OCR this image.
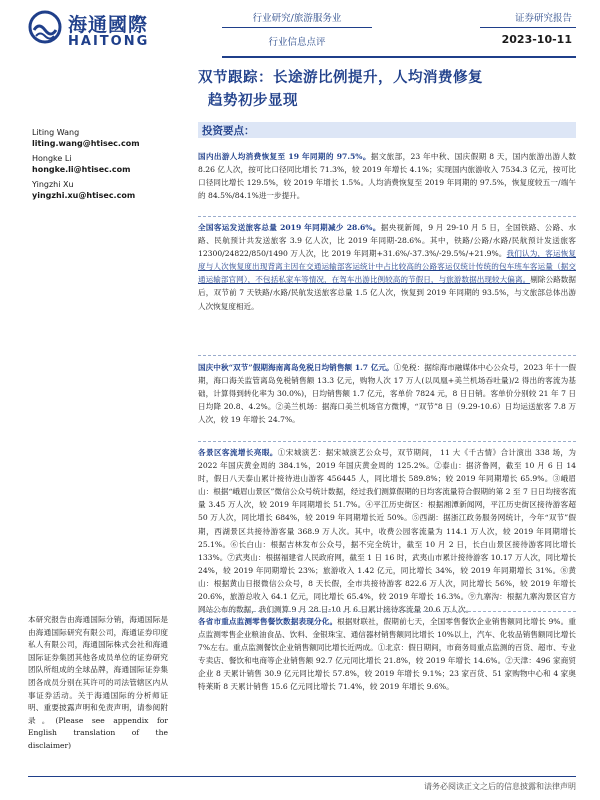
海通國際
HAITONG
行业研究/旅游服务业
行业信息点评
证券研究报告
2023-10-11
双节跟踪：长途游比例提升，人均消费修复
趋势初步显现
Liting Wang
liting.wang@htisec.com
Hongke Li
hongke.li@htisec.com
Yingzhi Xu
yingzhi.xu@htisec.com
投资要点：
国内出游人均消费恢复至 19 年同期的 97.5%。据文旅部，23 年中秋、国庆假期 8 天，国内旅游出游人数 8.26 亿人次，按可比口径同比增长 71.3%，较 2019 年增长 4.1%；实现国内旅游收入 7534.3 亿元，按可比口径同比增长 129.5%，较 2019 年增长 1.5%。人均消费恢复至 2019 年同期的 97.5%，恢复度较五一/端午的 84.5%/84.1%进一步提升。
全国客运发送旅客总量 2019 年同期减少 28.6%。据央视新闻，9 月 29-10 月 5 日，全国铁路、公路、水路、民航预计共发送旅客 3.9 亿人次，比 2019 年同期-28.6%。其中，铁路/公路/水路/民航预计发送旅客 12300/24822/850/1490 万人次，比 2019 年同期+31.6%/-37.3%/-29.5%/+21.9%。我们认为，客运恢复度与人次恢复度出现背离主因在交通运输部客运统计中占比较高的公路客运仅统计传统的包车班车客运量（据交通运输部官网），不包括私家车等情况，在驾车出游比例较高的节假日，与旅游数据出现较大偏离。剔除公路数据后，双节前 7 天铁路/水路/民航发送旅客总量 1.5 亿人次，恢复到 2019 年同期的 93.5%，与文旅部总体出游人次恢复度相近。
国庆中秋“双节”假期海南离岛免税日均销售额 1.7 亿元。①免税：据综海市融媒体中心公众号，2023 年十一假期，海口海关监管离岛免税销售额 13.3 亿元，购物人次 17 万人(以凤凰+美兰机场吞吐量)/2 得出的客流为基础，计算得到转化率为 30.0%)，日均销售额 1.7 亿元，客单价 7824 元，8 日日销。客单价分别较 21 年 7 日日均降 20.8、4.2%。②美兰机场：据海口美兰机场官方微博，“双节”8 日（9.29-10.6）日均运送旅客 7.8 万人次，较 19 年增长 24.7%。
各景区客流增长亮眼。①宋城演艺：据宋城演艺公众号，双节期间， 11 大《千古情》合计演出 338 场，为 2022 年国庆黄金周的 384.1%，2019 年国庆黄金周的 125.2%。②泰山：据济鲁网，截至 10 月 6 日 14 时，假日八天泰山累计接待进山游客 456445 人，同比增长 589.8%；较 2019 年同期增长 65.9%。③峨眉山：根据“峨眉山景区”微信公众号统计数据，经过我们测算假期的日均客流量符合假期的第 2 至 7 日日均接客流量 3.45 万人次，较 2019 年同期增长 51.7%。④平江历史街区：根据湘潭新闻网，平江历史街区接待游客超 50 万人次，同比增长 684%，较 2019 年同期增长近 50%。⑤西湖：据浙江政务服务网统计，今年“双节”假期，西湖景区共接待游客量 368.9 万人次。其中，收费公园客流量为 114.1 万人次，较 2019 年同期增长 25.1%。⑥长白山：根据吉林发布公众号，据不完全统计，截至 10 月 2 日，长白山景区接待游客同比增长 133%。⑦武夷山：根据福建省人民政府网，截至 1 日 16 时，武夷山市累计接待游客 10.17 万人次，同比增长 24%，较 2019 年同期增长 23%；旅游收入 1.42 亿元，同比增长 34%，较 2019 年同期增长 31%。⑧黄山：根据黄山日报微信公众号，8 天长假，全市共接待游客 822.6 万人次，同比增长 56%，较 2019 年增长 20.6%，旅游总收入 64.1 亿元，同比增长 65.4%，较 2019 年增长 16.3%。⑨九寨沟：根据九寨沟景区官方网站公布的数据，我们测算 9 月 28 日-10 月 6 日累计接待客流量 20.6 万人次。
各省市重点监测零售餐饮数据表现分化。根据财联社，假期前七天，全国零售餐饮企业销售额同比增长 9%。重点监测零售企业粮油食品、饮料、金银珠宝、通信器材销售额同比增长 10%以上，汽车、化妆品销售额同比增长 7%左右。重点监测餐饮企业销售额同比增长近两成。①北京：假日期间，市商务局重点监测的百货、超市、专业专卖店、餐饮和电商等企业销售额 92.7 亿元同比增长 21.8%，较 2019 年增长 14.6%。②天津：496 家商贸企业 8 天累计销售 30.9 亿元同比增长 57.8%，较 2019 年增长 9.1%；23 家百货、51 家购物中心和 4 家奥特莱斯 8 天累计销售 15.6 亿元同比增长 71.4%，较 2019 年增长 9.6%。
本研究报告由海通国际分销，海通国际是由海通国际研究有限公司，海通证券印度私人有限公司，海通国际株式会社和海通国际证券集团其他各成员单位的证券研究团队所组成的全球品牌，海通国际证券集团各成员分别在其许可的司法管辖区内从事证券活动。关于海通国际的分析师证明、重要披露声明和免责声明，请参阅附录。(Please see appendix for English translation of the disclaimer)
请务必阅读正文之后的信息披露和法律声明
